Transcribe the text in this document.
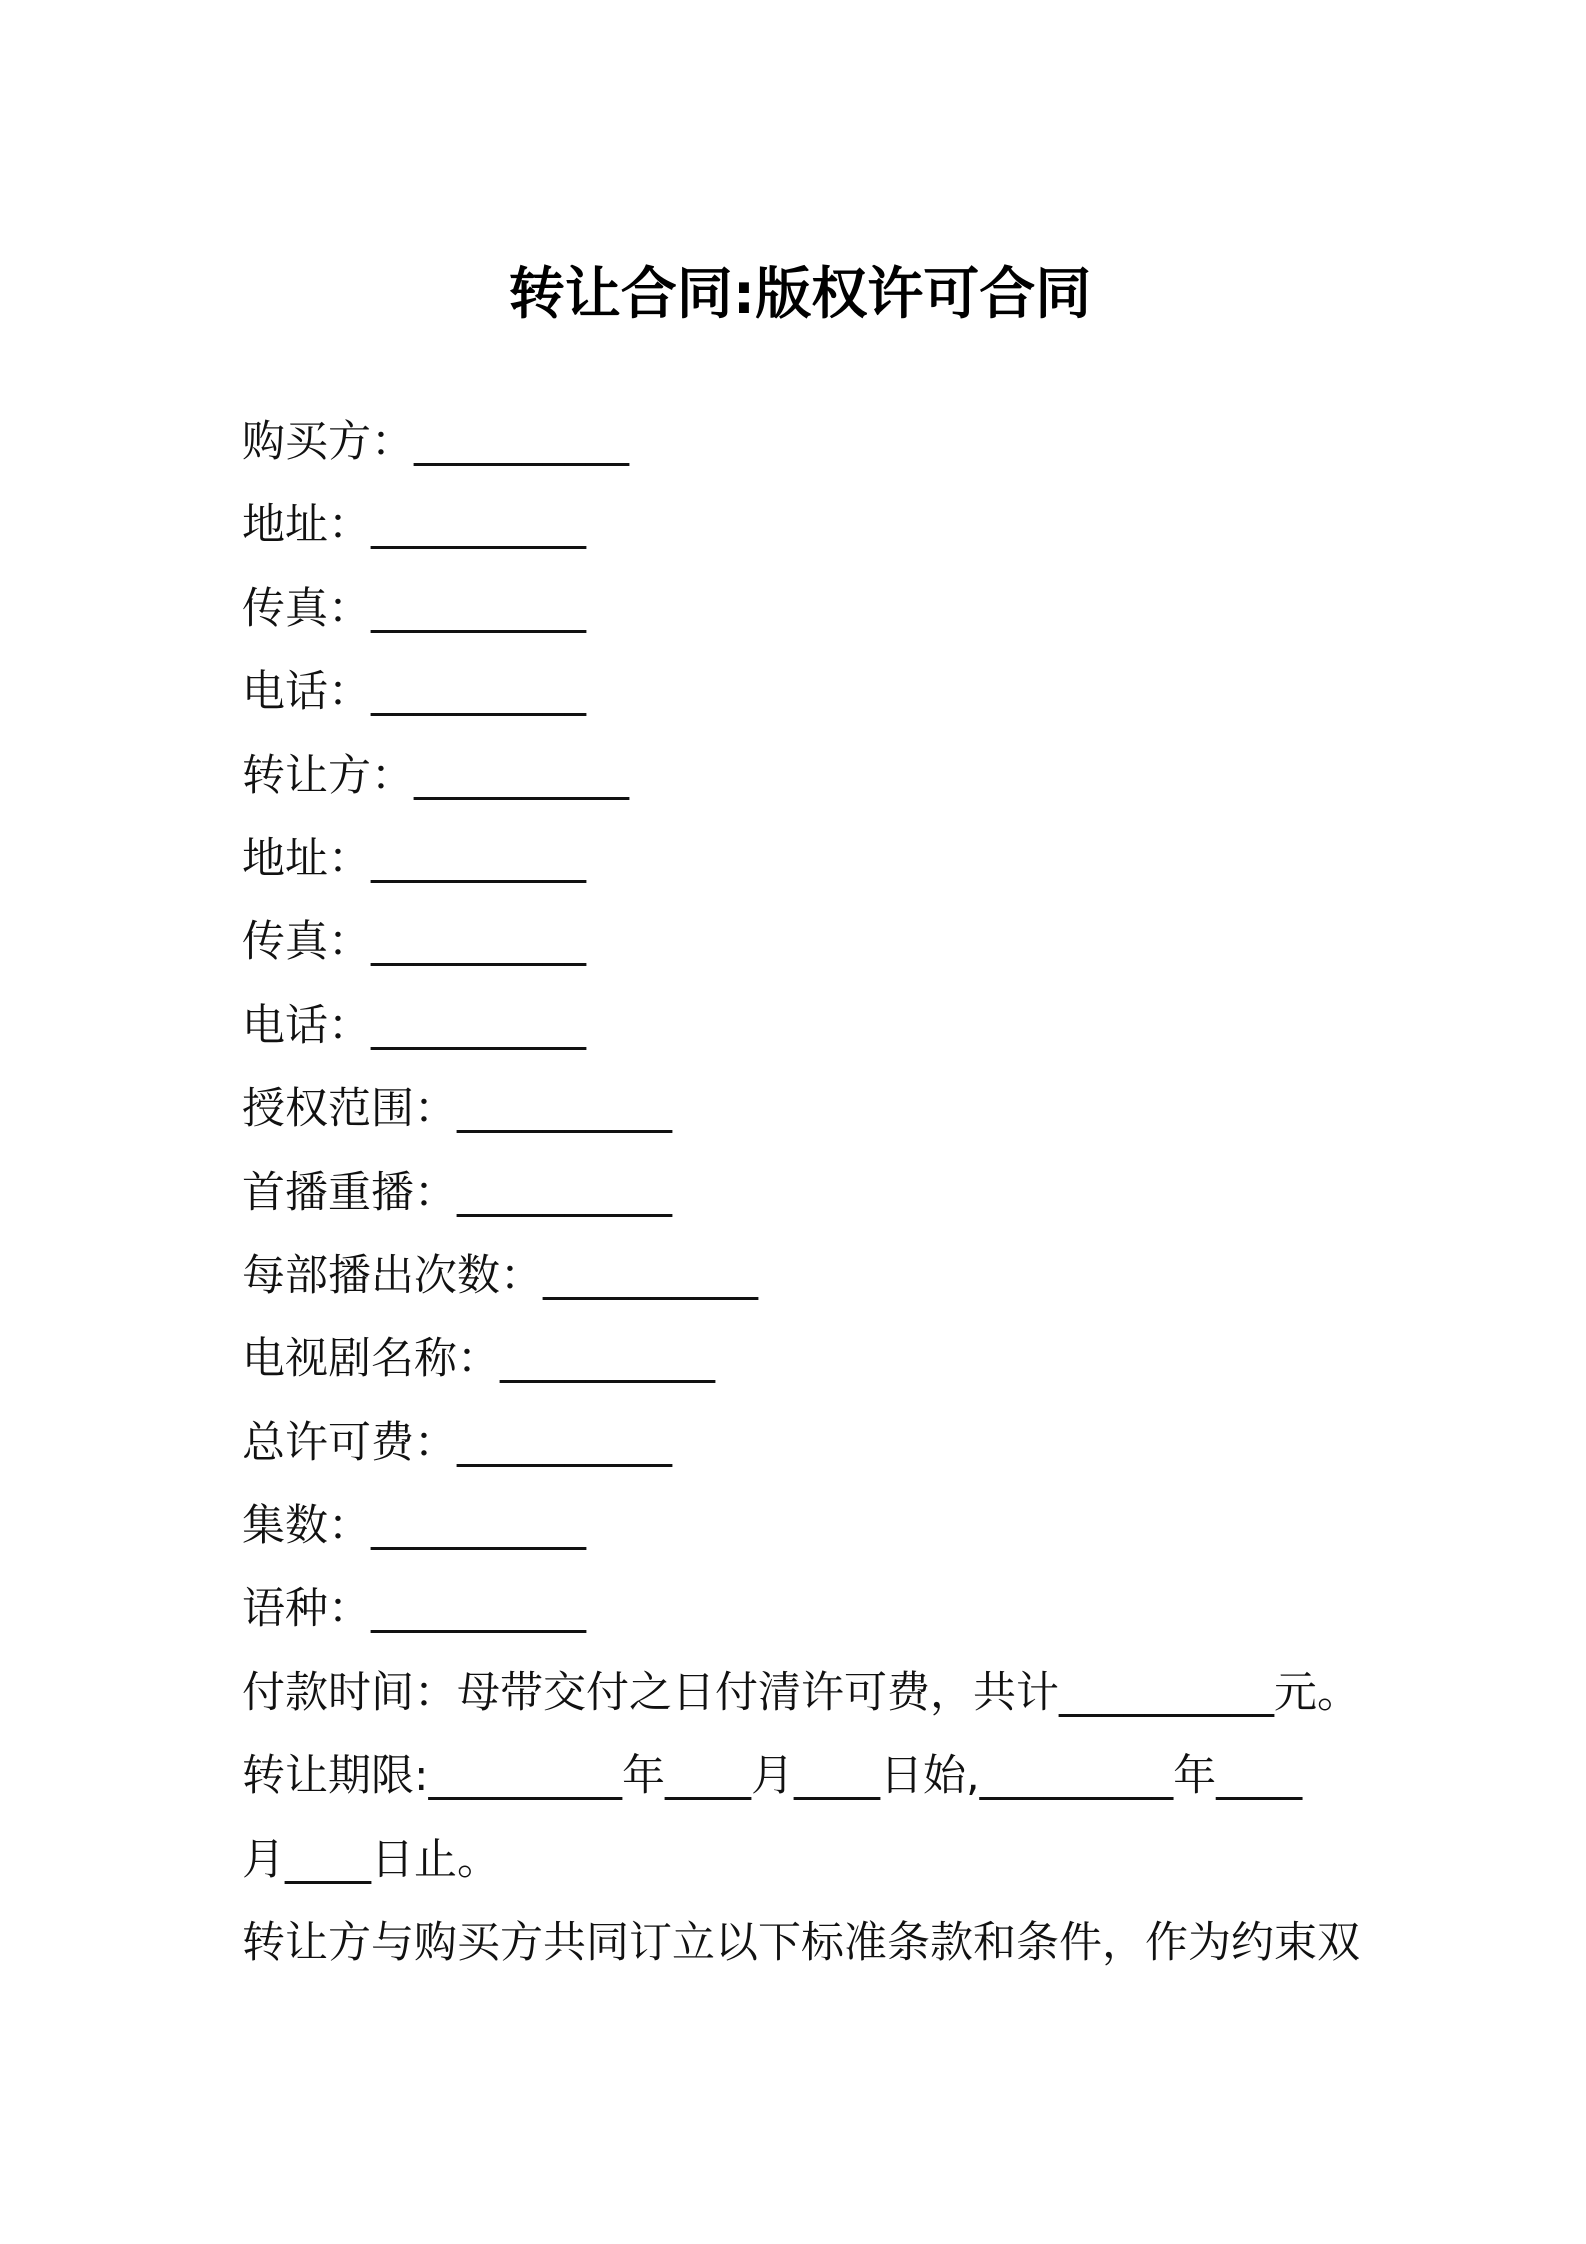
转让合同:版权许可合同
购买方：__________
地址：__________
传真：__________
电话：__________
转让方：__________
地址：__________
传真：__________
电话：__________
授权范围：__________
首播重播：__________
每部播出次数：__________
电视剧名称：__________
总许可费：__________
集数：__________
语种：__________
付款时间：母带交付之日付清许可费，共计__________元。
转让期限:_________年____月____日始,_________年____
月____日止。
转让方与购买方共同订立以下标准条款和条件，作为约束双
